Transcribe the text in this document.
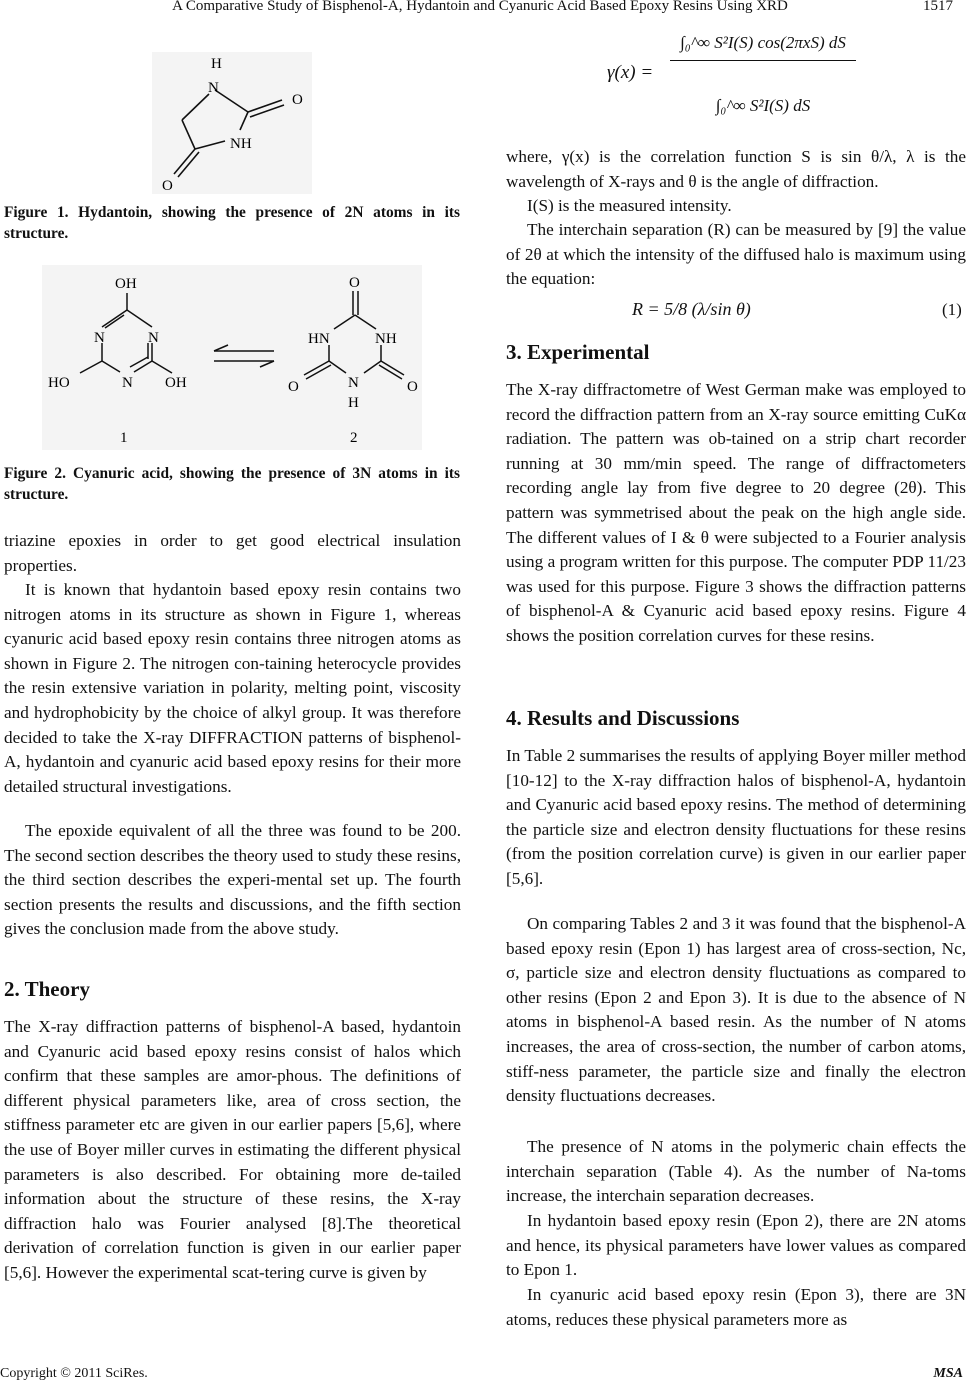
A Comparative Study of Bisphenol-A, Hydantoin and Cyanuric Acid Based Epoxy Resins Using XRD	1517
H
N
O
NH
O
Figure 1. Hydantoin, showing the presence of 2N atoms in its structure.
OH
N	N
HO	N OH
O
HN	NH
O	N	O
H
1	2
Figure 2. Cyanuric acid, showing the presence of 3N atoms in its structure.
triazine epoxies in order to get good electrical insulation properties.
It is known that hydantoin based epoxy resin contains two nitrogen atoms in its structure as shown in Figure 1, whereas cyanuric acid based epoxy resin contains three nitrogen atoms as shown in Figure 2. The nitrogen con-taining heterocycle provides the resin extensive variation in polarity, melting point, viscosity and hydrophobicity by the choice of alkyl group. It was therefore decided to take the X-ray DIFFRACTION patterns of bisphenol-A, hydantoin and cyanuric acid based epoxy resins for their more detailed structural investigations.
The epoxide equivalent of all the three was found to be 200. The second section describes the theory used to study these resins, the third section describes the experi-mental set up. The fourth section presents the results and discussions, and the fifth section gives the conclusion made from the above study.
2. Theory
The X-ray diffraction patterns of bisphenol-A based, hydantoin and Cyanuric acid based epoxy resins consist of halos which confirm that these samples are amor-phous. The definitions of different physical parameters like, area of cross section, the stiffness parameter etc are given in our earlier papers [5,6], where the use of Boyer miller curves in estimating the different physical parameters is also described. For obtaining more de-tailed information about the structure of these resins, the X-ray diffraction halo was Fourier analysed [8].The theoretical derivation of correlation function is given in our earlier paper [5,6]. However the experimental scat-tering curve is given by
γ(x) =
∫₀^∞ S²I(S) cos(2πxS) dS
∫₀^∞ S²I(S) dS
where, γ(x) is the correlation function S is sin θ/λ, λ is the wavelength of X-rays and θ is the angle of diffraction.
I(S) is the measured intensity.
The interchain separation (R) can be measured by [9] the value of 2θ at which the intensity of the diffused halo is maximum using the equation:
R = 5/8 (λ/sin θ)	(1)
3. Experimental
The X-ray diffractometre of West German make was employed to record the diffraction pattern from an X-ray source emitting CuKα radiation. The pattern was ob-tained on a strip chart recorder running at 30 mm/min speed. The range of diffractometers recording angle lay from five degree to 20 degree (2θ). This pattern was symmetrised about the peak on the high angle side. The different values of I & θ were subjected to a Fourier analysis using a program written for this purpose. The computer PDP 11/23 was used for this purpose. Figure 3 shows the diffraction patterns of bisphenol-A & Cyanuric acid based epoxy resins. Figure 4 shows the position correlation curves for these resins.
4. Results and Discussions
In Table 2 summarises the results of applying Boyer miller method [10-12] to the X-ray diffraction halos of bisphenol-A, hydantoin and Cyanuric acid based epoxy resins. The method of determining the particle size and electron density fluctuations for these resins (from the position correlation curve) is given in our earlier paper [5,6].
On comparing Tables 2 and 3 it was found that the bisphenol-A based epoxy resin (Epon 1) has largest area of cross-section, Nc, σ, particle size and electron density fluctuations as compared to other resins (Epon 2 and Epon 3). It is due to the absence of N atoms in bisphenol-A based resin. As the number of N atoms increases, the area of cross-section, the number of carbon atoms, stiff-ness parameter, the particle size and finally the electron density fluctuations decreases.
The presence of N atoms in the polymeric chain effects the interchain separation (Table 4). As the number of Na-toms increase, the interchain separation decreases.
In hydantoin based epoxy resin (Epon 2), there are 2N atoms and hence, its physical parameters have lower values as compared to Epon 1.
In cyanuric acid based epoxy resin (Epon 3), there are 3N atoms, reduces these physical parameters more as
Copyright © 2011 SciRes.	MSA
